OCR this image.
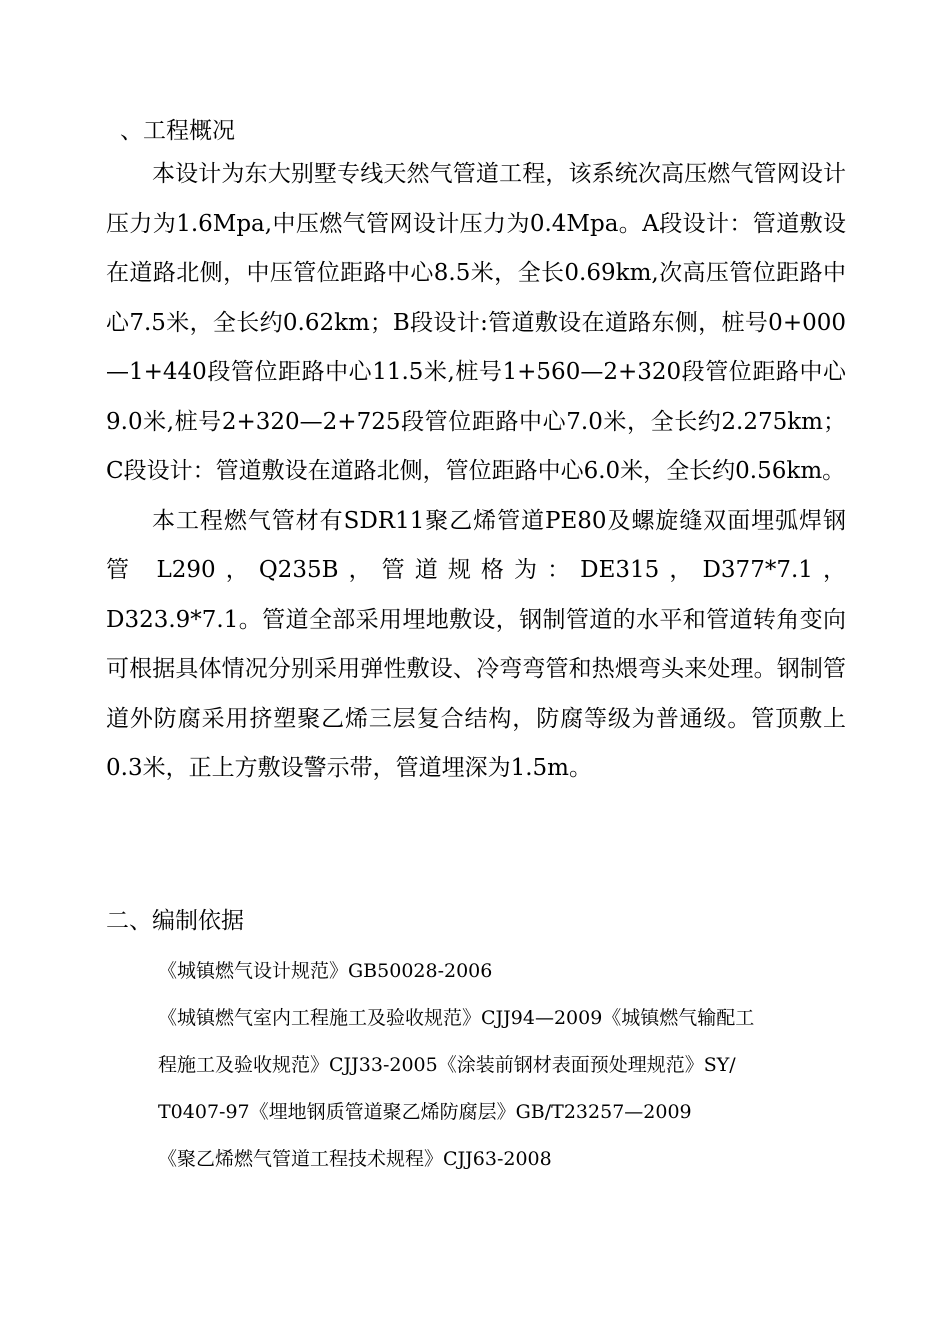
、工程概况

本设计为东大别墅专线天然气管道工程，该系统次高压燃气管网设计压力为1.6Mpa,中压燃气管网设计压力为0.4Mpa。A段设计：管道敷设在道路北侧，中压管位距路中心8.5米，全长0.69km,次高压管位距路中心7.5米，全长约0.62km；B段设计:管道敷设在道路东侧，桩号0+000—1+440段管位距路中心11.5米,桩号1+560—2+320段管位距路中心9.0米,桩号2+320—2+725段管位距路中心7.0米，全长约2.275km；C段设计：管道敷设在道路北侧，管位距路中心6.0米，全长约0.56km。

本工程燃气管材有SDR11聚乙烯管道PE80及螺旋缝双面埋弧焊钢管 L290，Q235B，管道规格为：DE315，D377*7.1，D323.9*7.1。管道全部采用埋地敷设，钢制管道的水平和管道转角变向可根据具体情况分别采用弹性敷设、冷弯弯管和热煨弯头来处理。钢制管道外防腐采用挤塑聚乙烯三层复合结构，防腐等级为普通级。管顶敷上0.3米，正上方敷设警示带，管道埋深为1.5m。

二、编制依据

《城镇燃气设计规范》GB50028-2006

《城镇燃气室内工程施工及验收规范》CJJ94—2009《城镇燃气输配工

程施工及验收规范》CJJ33-2005《涂装前钢材表面预处理规范》SY/

T0407-97《埋地钢质管道聚乙烯防腐层》GB/T23257—2009

《聚乙烯燃气管道工程技术规程》CJJ63-2008
